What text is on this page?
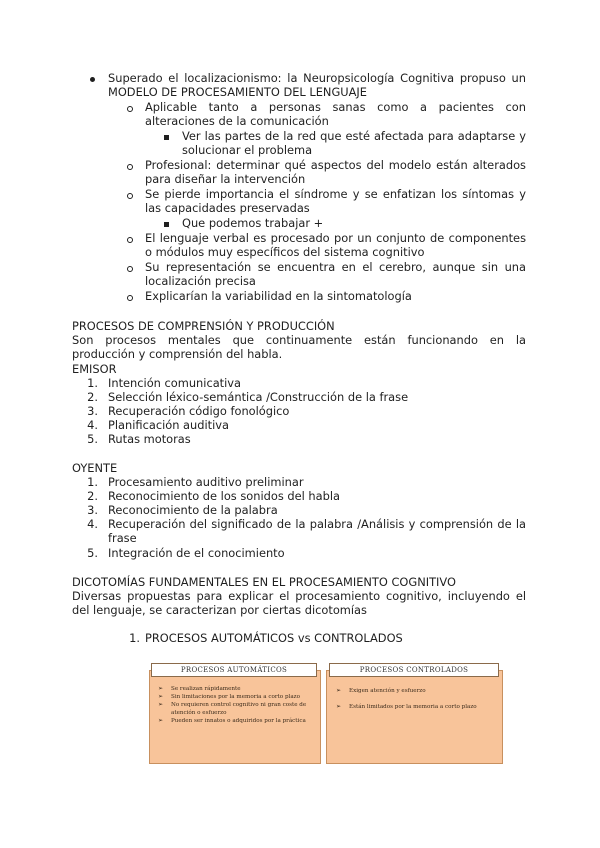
Superado el localizacionismo: la Neuropsicología Cognitiva propuso un MODELO DE PROCESAMIENTO DEL LENGUAJE
Aplicable tanto a personas sanas como a pacientes con alteraciones de la comunicación
Ver las partes de la red que esté afectada para adaptarse y solucionar el problema
Profesional: determinar qué aspectos del modelo están alterados para diseñar la intervención
Se pierde importancia el síndrome y se enfatizan los síntomas y las capacidades preservadas
Que podemos trabajar +
El lenguaje verbal es procesado por un conjunto de componentes o módulos muy específicos del sistema cognitivo
Su representación se encuentra en el cerebro, aunque sin una localización precisa
Explicarían la variabilidad en la sintomatología
PROCESOS DE COMPRENSIÓN Y PRODUCCIÓN
Son procesos mentales que continuamente están funcionando en la producción y comprensión del habla.
EMISOR
1. Intención comunicativa
2. Selección léxico-semántica /Construcción de la frase
3. Recuperación código fonológico
4. Planificación auditiva
5. Rutas motoras
OYENTE
1. Procesamiento auditivo preliminar
2. Reconocimiento de los sonidos del habla
3. Reconocimiento de la palabra
4. Recuperación del significado de la palabra /Análisis y comprensión de la frase
5. Integración de el conocimiento
DICOTOMÍAS FUNDAMENTALES EN EL PROCESAMIENTO COGNITIVO
Diversas propuestas para explicar el procesamiento cognitivo, incluyendo el del lenguaje, se caracterizan por ciertas dicotomías
1. PROCESOS AUTOMÁTICOS vs CONTROLADOS
PROCESOS AUTOMÁTICOS	PROCESOS CONTROLADOS
➢ Se realizan rápidamente
➢ Sin limitaciones por la memoria a corto plazo
➢ No requieren control cognitivo ni gran coste de atención o esfuerzo
➢ Pueden ser innatos o adquiridos por la práctica
➢ Exigen atención y esfuerzo
➢ Están limitados por la memoria a corto plazo
